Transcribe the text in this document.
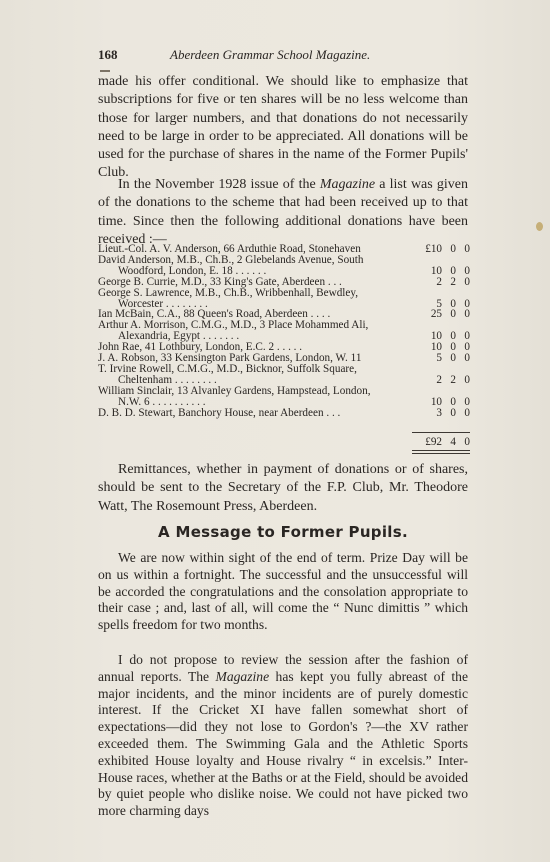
168	Aberdeen Grammar School Magazine.

made his offer conditional. We should like to emphasize that subscriptions for five or ten shares will be no less welcome than those for larger numbers, and that donations do not necessarily need to be large in order to be appreciated. All donations will be used for the purchase of shares in the name of the Former Pupils' Club.

In the November 1928 issue of the Magazine a list was given of the donations to the scheme that had been received up to that time. Since then the following additional donations have been received :—

Lieut.-Col. A. V. Anderson, 66 Arduthie Road, Stonehaven	£10 0 0
David Anderson, M.B., Ch.B., 2 Glebelands Avenue, South
Woodford, London, E. 18 . . . . . .	10 0 0
George B. Currie, M.D., 33 King's Gate, Aberdeen . . .	2 2 0
George S. Lawrence, M.B., Ch.B., Wribbenhall, Bewdley,
Worcester . . . . . . . .	5 0 0
Ian McBain, C.A., 88 Queen's Road, Aberdeen . . . .	25 0 0
Arthur A. Morrison, C.M.G., M.D., 3 Place Mohammed Ali,
Alexandria, Egypt . . . . . . .	10 0 0
John Rae, 41 Lothbury, London, E.C. 2 . . . . .	10 0 0
J. A. Robson, 33 Kensington Park Gardens, London, W. 11	5 0 0
T. Irvine Rowell, C.M.G., M.D., Bicknor, Suffolk Square,
Cheltenham . . . . . . . .	2 2 0
William Sinclair, 13 Alvanley Gardens, Hampstead, London,
N.W. 6 . . . . . . . . . .	10 0 0
D. B. D. Stewart, Banchory House, near Aberdeen . . .	3 0 0
£92 4 0

Remittances, whether in payment of donations or of shares, should be sent to the Secretary of the F.P. Club, Mr. Theodore Watt, The Rosemount Press, Aberdeen.

A Message to Former Pupils.

We are now within sight of the end of term. Prize Day will be on us within a fortnight. The successful and the unsuccessful will be accorded the congratulations and the consolation appropriate to their case ; and, last of all, will come the “ Nunc dimittis ” which spells freedom for two months.

I do not propose to review the session after the fashion of annual reports. The Magazine has kept you fully abreast of the major incidents, and the minor incidents are of purely domestic interest. If the Cricket XI have fallen somewhat short of expectations—did they not lose to Gordon's ?—the XV rather exceeded them. The Swimming Gala and the Athletic Sports exhibited House loyalty and House rivalry “ in excelsis.” Inter-House races, whether at the Baths or at the Field, should be avoided by quiet people who dislike noise. We could not have picked two more charming days
